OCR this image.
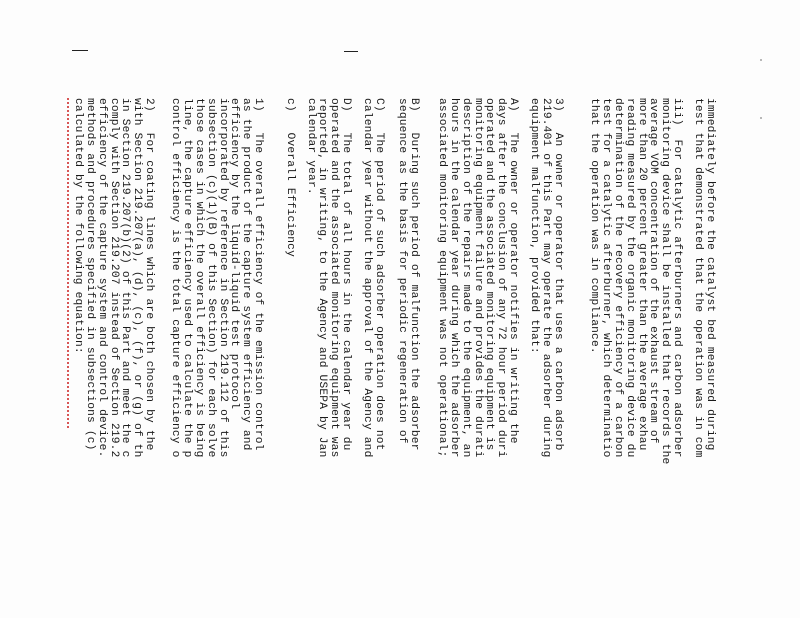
immediately before the catalyst bed measured during
test that demonstrated that the operation was in com
iii)  For catalytic afterburners and carbon adsorber
monitoring device shall be installed that records the
average VOM concentration of the exhaust stream of
more than 20 percent greater than the average exhau
reading measured by the organic monitoring device du
determination of the recovery efficiency of a carbon
test for a catalytic afterburner, which determinatio
that the operation was in compliance.
3)   An owner or operator that uses a carbon adsorb
219.401 of this Part may operate the adsorber during
equipment malfunction, provided that:
A)   The owner or operator notifies in writing the
days after the conclusion of any 72 hour period duri
operated and the associated monitoring equipment is
monitoring equipment failure and provides the durati
description of the repairs made to the equipment, an
hours in the calendar year during which the adsorber
associated monitoring equipment was not operational;
B)   During such period of malfunction the adsorber
sequence as the basis for periodic regeneration of
C)   The period of such adsorber operation does not
calendar year without the approval of the Agency and
D)   The total of all hours in the calendar year du
operated and the associated monitoring equipment was
reported, in writing, to the Agency and USEPA by Jan
calendar year.
c)   Overall Efficiency
1)   The overall efficiency of the emission control
as the product of the capture system efficiency and
efficiency by the liquid-liquid test protocol
incorporated by reference in Section 219.112 of this
subsection (c)(1)(B) of this Section) for each solve
those cases in which the overall efficiency is being
line, the capture efficiency used to calculate the p
control efficiency is the total capture efficiency o
2)   For coating lines which are both chosen by the
with Section 219.207(a), (d), (c), (f), or (g) of th
in Section 219.207(b)(2) of this Part and meet the c
comply with Section 219.207 instead of Section 219.2
efficiency of the capture system and control device.
methods and procedures specified in subsections (c)
calculated by the following equation:
